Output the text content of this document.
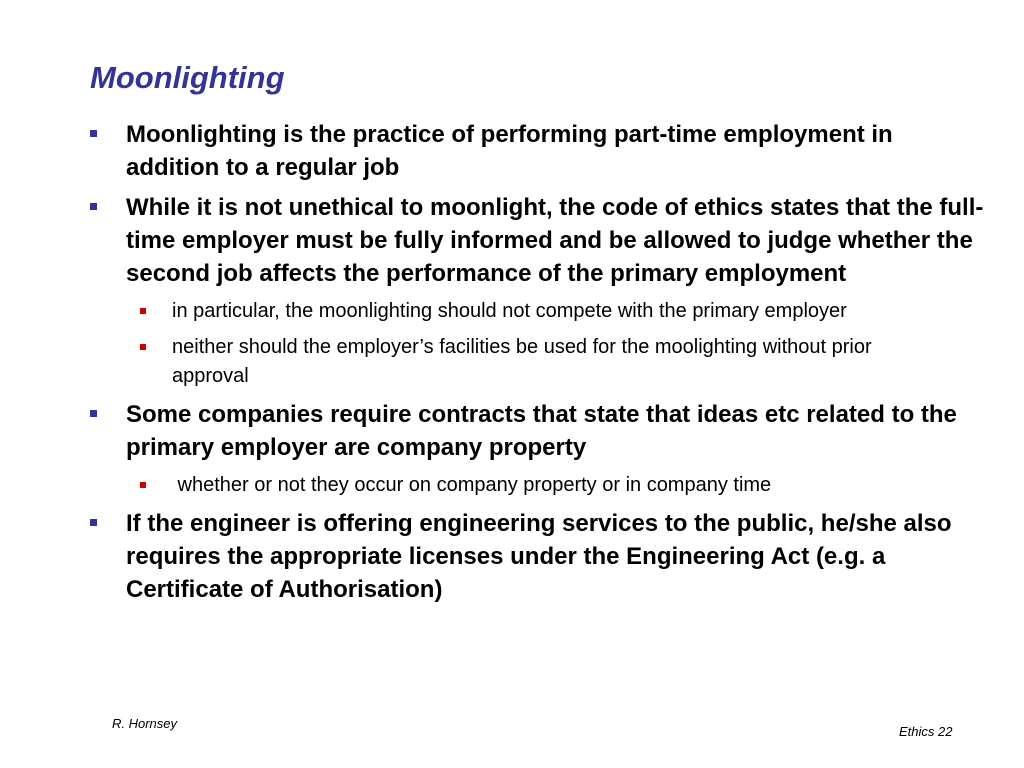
Moonlighting
Moonlighting is the practice of performing part-time employment in addition to a regular job
While it is not unethical to moonlight, the code of ethics states that the full-time employer must be fully informed and be allowed to judge whether the second job affects the performance of the primary employment
in particular, the moonlighting should not compete with the primary employer
neither should the employer’s facilities be used for the moolighting without prior approval
Some companies require contracts that state that ideas etc related to the primary employer are company property
whether or not they occur on company property or in company time
If the engineer is offering engineering services to the public, he/she also requires the appropriate licenses under the Engineering Act (e.g. a Certificate of Authorisation)
R. Hornsey
Ethics 22
